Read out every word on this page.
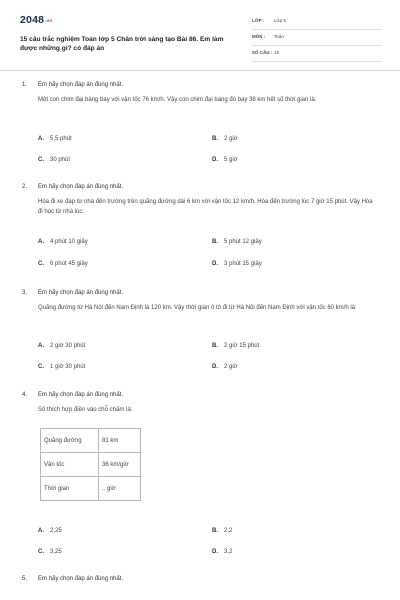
$2048^{.vn}$
15 câu trắc nghiệm Toán lớp 5 Chân trời sáng tạo Bài 86. Em làm được những gì? có đáp án
LỚP : Lớp 5
MÔN : Toán
SỐ CÂU : 15
1. Em hãy chọn đáp án đúng nhất.
Một con chim đại bàng bay với vận tốc 76 km/h. Vậy con chim đại bàng đó bay 38 km hết số thời gian là:
A. 5,5 phút	B. 2 giờ
C. 30 phút	D. 5 giờ
2. Em hãy chọn đáp án đúng nhất.
Hòa đi xe đạp từ nhà đến trường trên quãng đường dài 6 km với vận tốc 12 km/h. Hòa đến trường lúc 7 giờ 15 phút. Vậy Hòa đi học từ nhà lúc:
A. 4 phút 10 giây	B. 5 phút 12 giây
C. 6 phút 45 giây	D. 3 phút 15 giây
3. Em hãy chọn đáp án đúng nhất.
Quãng đường từ Hà Nội đến Nam Định là 120 km. Vậy thời gian ô tô đi từ Hà Nội đến Nam Định với vận tốc 60 km/h là:
A. 2 giờ 30 phút	B. 2 giờ 15 phút
C. 1 giờ 30 phút	D. 2 giờ
4. Em hãy chọn đáp án đúng nhất.
Số thích hợp điền vào chỗ chấm là:
A. 2,25	B. 2,2
C. 3,25	D. 3,2
Quãng đường	81 km
Vận tốc	36 km/giờ
Thời gian	.. giờ
5. Em hãy chọn đáp án đúng nhất.
